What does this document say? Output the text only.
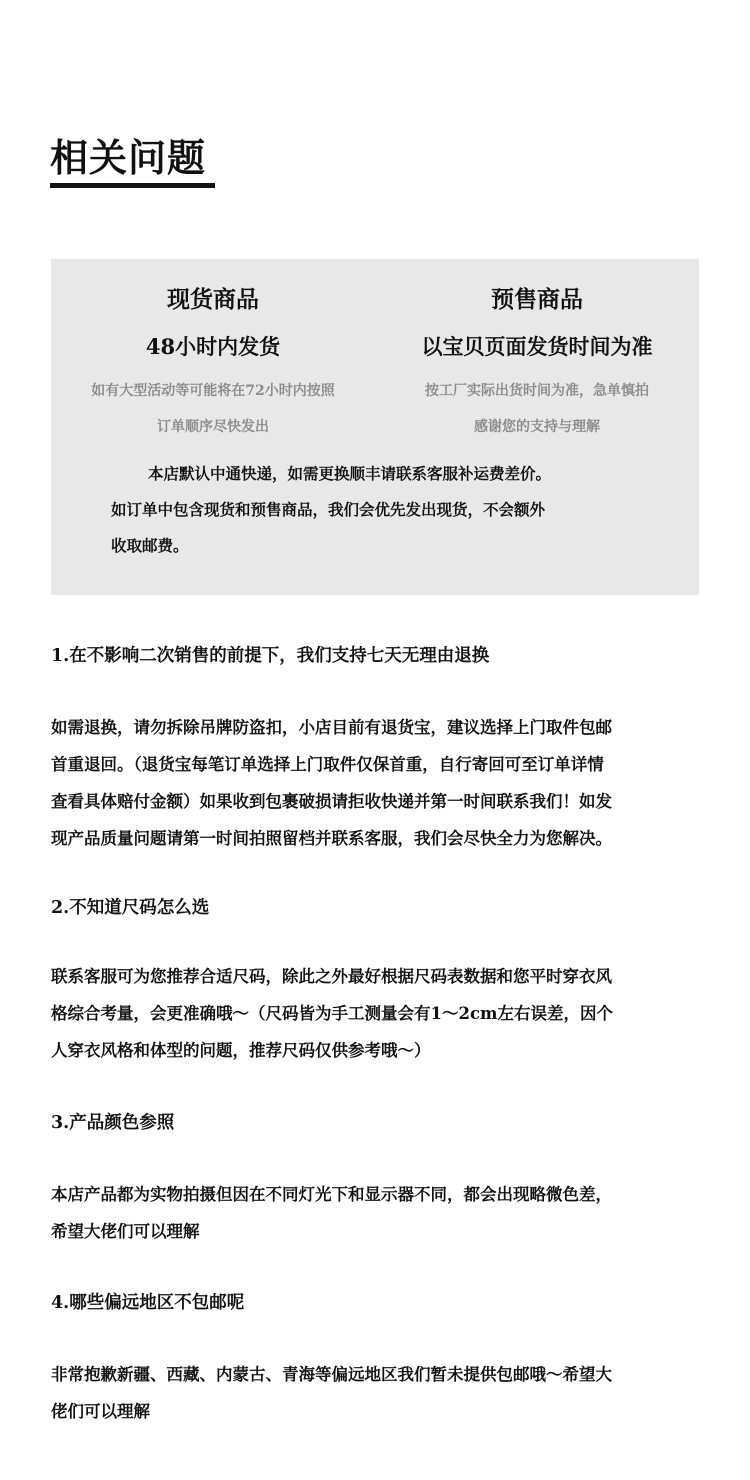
相关问题
现货商品
48小时内发货
如有大型活动等可能将在72小时内按照
订单顺序尽快发出
预售商品
以宝贝页面发货时间为准
按工厂实际出货时间为准，急单慎拍
感谢您的支持与理解
本店默认中通快递，如需更换顺丰请联系客服补运费差价。
如订单中包含现货和预售商品，我们会优先发出现货，不会额外
收取邮费。
1.在不影响二次销售的前提下，我们支持七天无理由退换
如需退换，请勿拆除吊牌防盗扣，小店目前有退货宝，建议选择上门取件包邮
首重退回。（退货宝每笔订单选择上门取件仅保首重，自行寄回可至订单详情
查看具体赔付金额）如果收到包裹破损请拒收快递并第一时间联系我们！如发
现产品质量问题请第一时间拍照留档并联系客服，我们会尽快全力为您解决。
2.不知道尺码怎么选
联系客服可为您推荐合适尺码，除此之外最好根据尺码表数据和您平时穿衣风
格综合考量，会更准确哦～（尺码皆为手工测量会有1～2cm左右误差，因个
人穿衣风格和体型的问题，推荐尺码仅供参考哦～）
3.产品颜色参照
本店产品都为实物拍摄但因在不同灯光下和显示器不同，都会出现略微色差，
希望大佬们可以理解
4.哪些偏远地区不包邮呢
非常抱歉新疆、西藏、内蒙古、青海等偏远地区我们暂未提供包邮哦～希望大
佬们可以理解
